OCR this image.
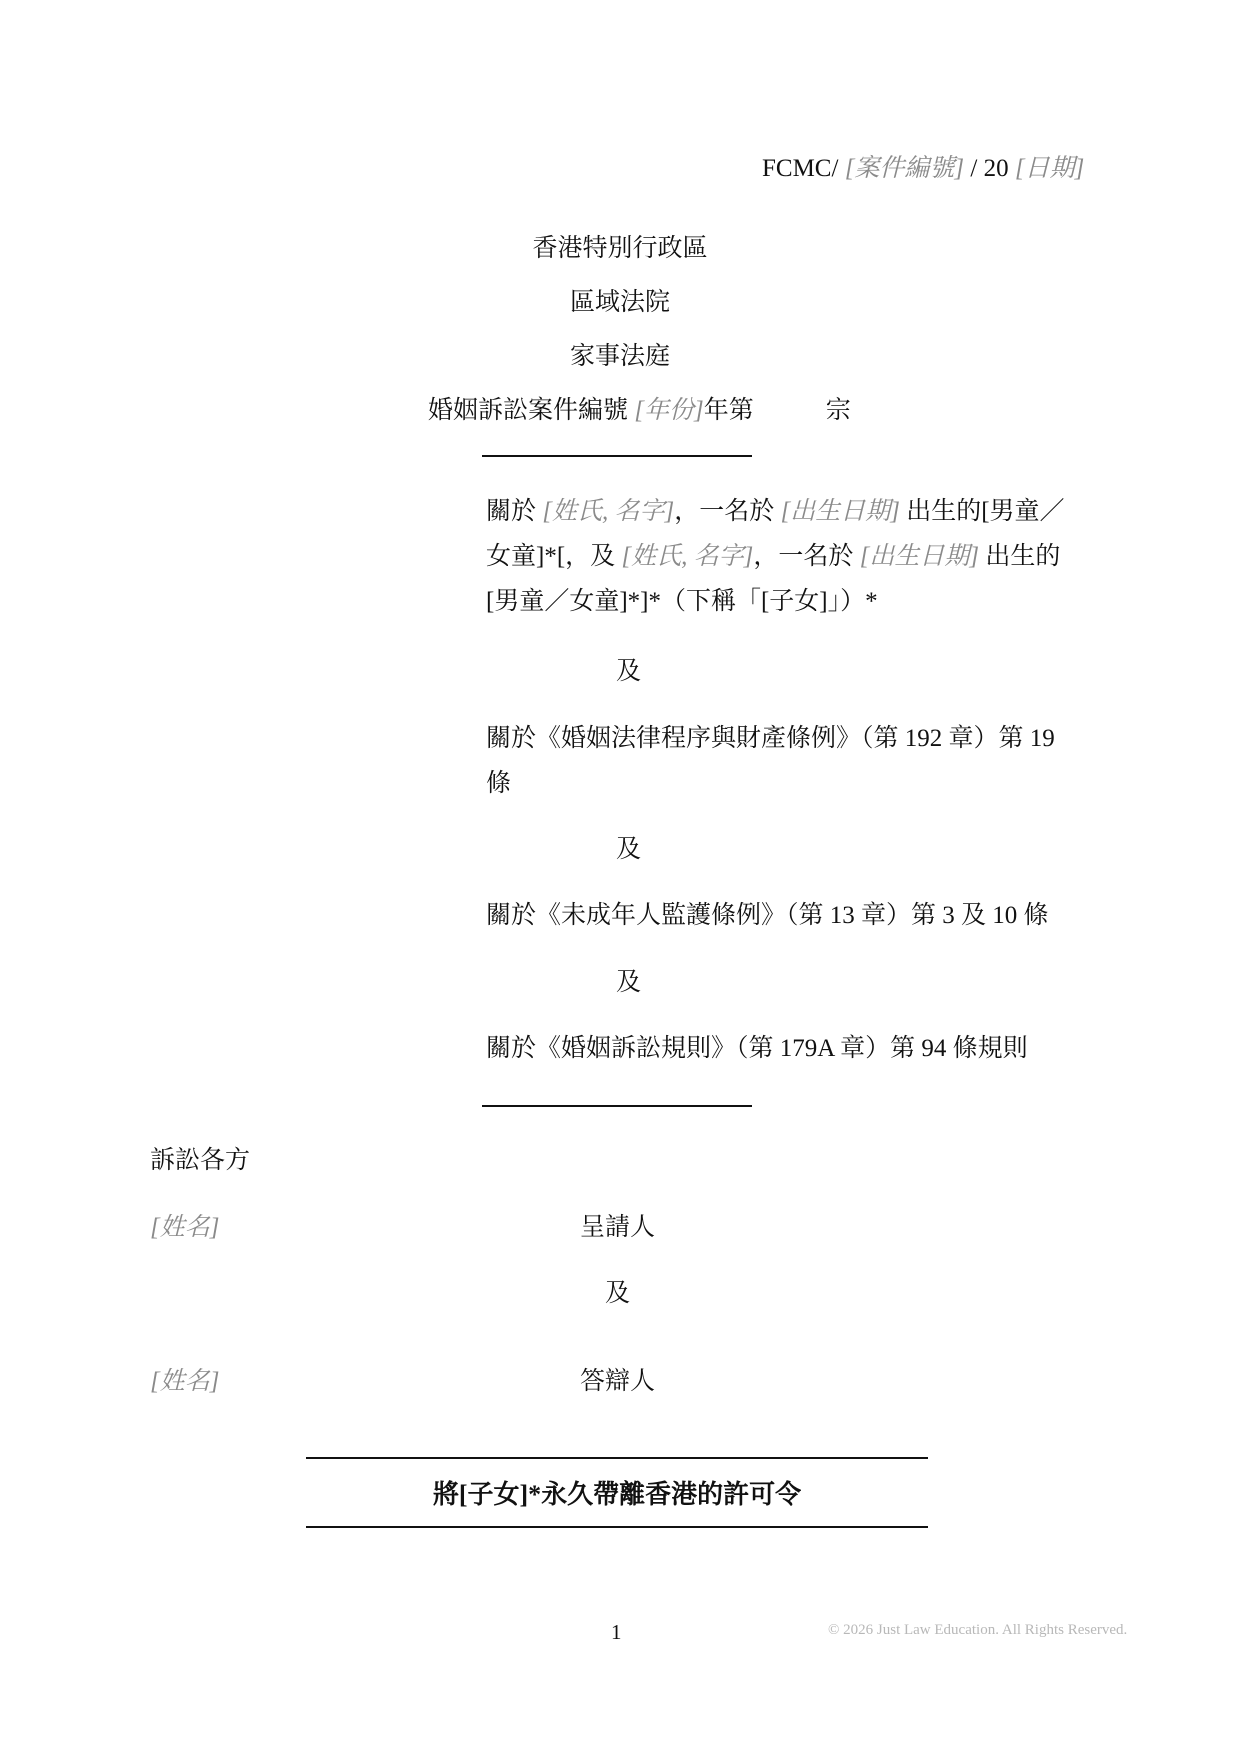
FCMC/ [案件編號] / 20 [日期]
香港特別行政區
區域法院
家事法庭
婚姻訴訟案件編號 [年份]年第	宗
關於 [姓氏, 名字]，一名於 [出生日期] 出生的[男童／
女童]*[，及 [姓氏, 名字]，一名於 [出生日期] 出生的
[男童／女童]*]*（下稱「[子女]」）*
及
關於《婚姻法律程序與財產條例》（第 192 章）第 19
條
及
關於《未成年人監護條例》（第 13 章）第 3 及 10 條
及
關於《婚姻訴訟規則》（第 179A 章）第 94 條規則
訴訟各方
[姓名]	呈請人
及
[姓名]	答辯人
將[子女]*永久帶離香港的許可令
1	© 2026 Just Law Education. All Rights Reserved.
